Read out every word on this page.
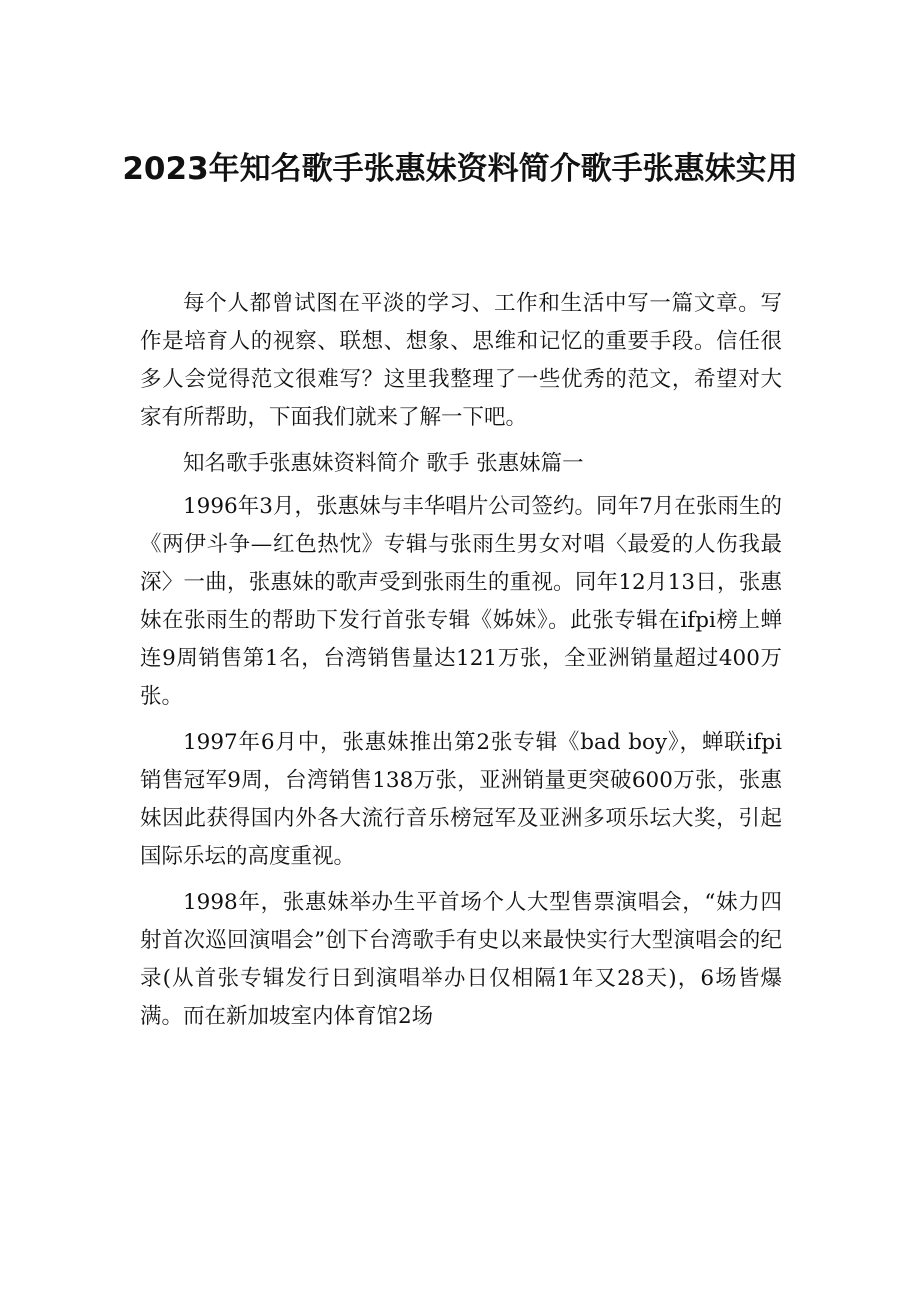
2023年知名歌手张惠妹资料简介歌手张惠妹实用

每个人都曾试图在平淡的学习、工作和生活中写一篇文章。写作是培育人的视察、联想、想象、思维和记忆的重要手段。信任很多人会觉得范文很难写？这里我整理了一些优秀的范文，希望对大家有所帮助，下面我们就来了解一下吧。

知名歌手张惠妹资料简介 歌手 张惠妹篇一

1996年3月，张惠妹与丰华唱片公司签约。同年7月在张雨生的《两伊斗争—红色热忱》专辑与张雨生男女对唱〈最爱的人伤我最深〉一曲，张惠妹的歌声受到张雨生的重视。同年12月13日，张惠妹在张雨生的帮助下发行首张专辑《姊妹》。此张专辑在ifpi榜上蝉连9周销售第1名，台湾销售量达121万张，全亚洲销量超过400万张。

1997年6月中，张惠妹推出第2张专辑《bad boy》，蝉联ifpi销售冠军9周，台湾销售138万张，亚洲销量更突破600万张，张惠妹因此获得国内外各大流行音乐榜冠军及亚洲多项乐坛大奖，引起国际乐坛的高度重视。

1998年，张惠妹举办生平首场个人大型售票演唱会，“妹力四射首次巡回演唱会”创下台湾歌手有史以来最快实行大型演唱会的纪录(从首张专辑发行日到演唱举办日仅相隔1年又28天)，6场皆爆满。而在新加坡室内体育馆2场
